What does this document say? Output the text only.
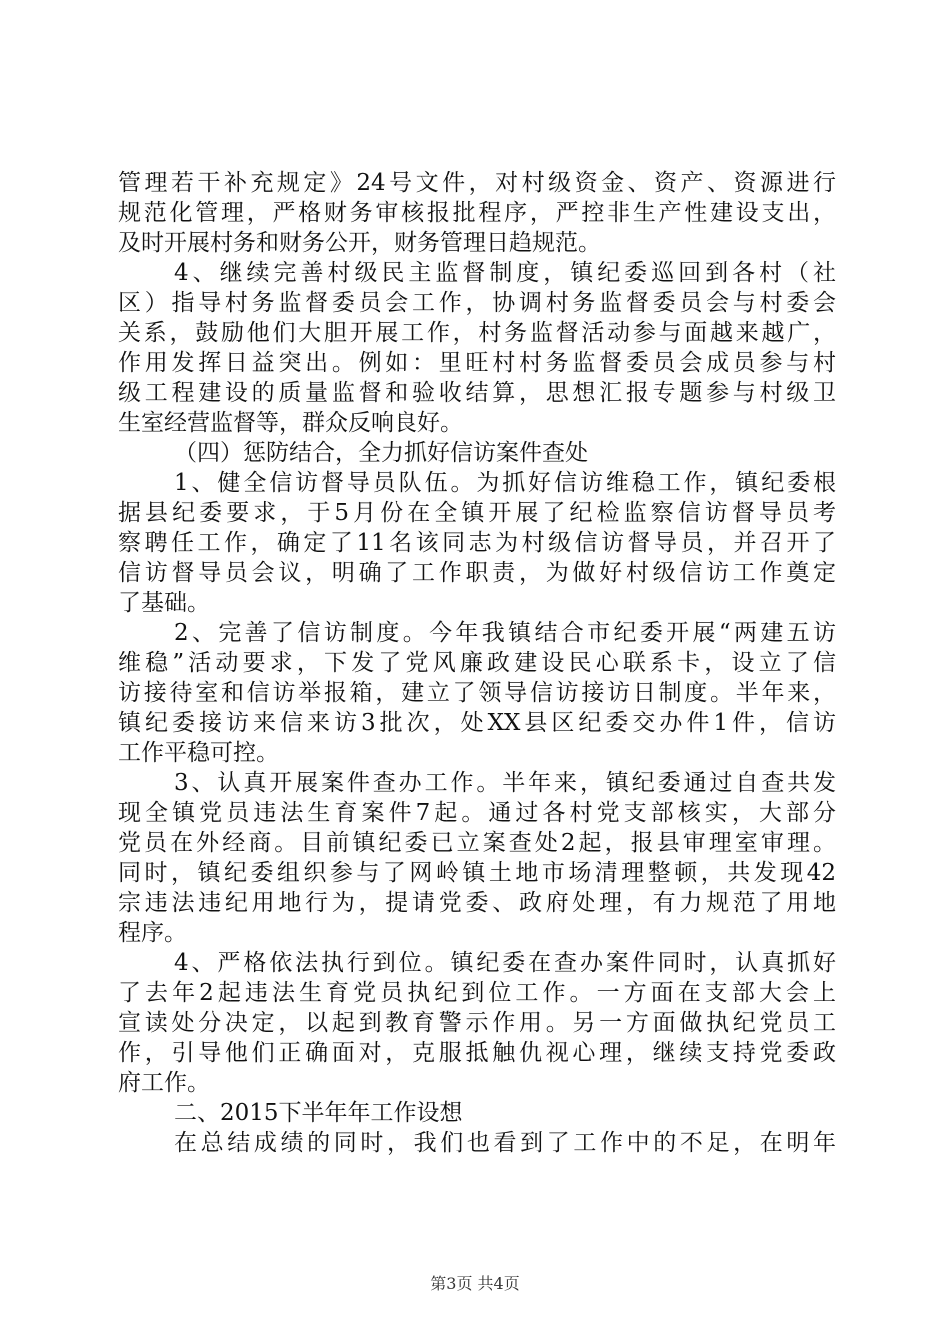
管理若干补充规定》24号文件，对村级资金、资产、资源进行
规范化管理，严格财务审核报批程序，严控非生产性建设支出，
及时开展村务和财务公开，财务管理日趋规范。
4、继续完善村级民主监督制度，镇纪委巡回到各村（社
区）指导村务监督委员会工作，协调村务监督委员会与村委会
关系，鼓励他们大胆开展工作，村务监督活动参与面越来越广，
作用发挥日益突出。例如：里旺村村务监督委员会成员参与村
级工程建设的质量监督和验收结算，思想汇报专题参与村级卫
生室经营监督等，群众反响良好。
（四）惩防结合，全力抓好信访案件查处
1、健全信访督导员队伍。为抓好信访维稳工作，镇纪委根
据县纪委要求，于5月份在全镇开展了纪检监察信访督导员考
察聘任工作，确定了11名该同志为村级信访督导员，并召开了
信访督导员会议，明确了工作职责，为做好村级信访工作奠定
了基础。
2、完善了信访制度。今年我镇结合市纪委开展“两建五访
维稳”活动要求，下发了党风廉政建设民心联系卡，设立了信
访接待室和信访举报箱，建立了领导信访接访日制度。半年来，
镇纪委接访来信来访3批次，处XX县区纪委交办件1件，信访
工作平稳可控。
3、认真开展案件查办工作。半年来，镇纪委通过自查共发
现全镇党员违法生育案件7起。通过各村党支部核实，大部分
党员在外经商。目前镇纪委已立案查处2起，报县审理室审理。
同时，镇纪委组织参与了网岭镇土地市场清理整顿，共发现42
宗违法违纪用地行为，提请党委、政府处理，有力规范了用地
程序。
4、严格依法执行到位。镇纪委在查办案件同时，认真抓好
了去年2起违法生育党员执纪到位工作。一方面在支部大会上
宣读处分决定，以起到教育警示作用。另一方面做执纪党员工
作，引导他们正确面对，克服抵触仇视心理，继续支持党委政
府工作。
二、2015下半年年工作设想
在总结成绩的同时，我们也看到了工作中的不足，在明年
第3页 共4页
